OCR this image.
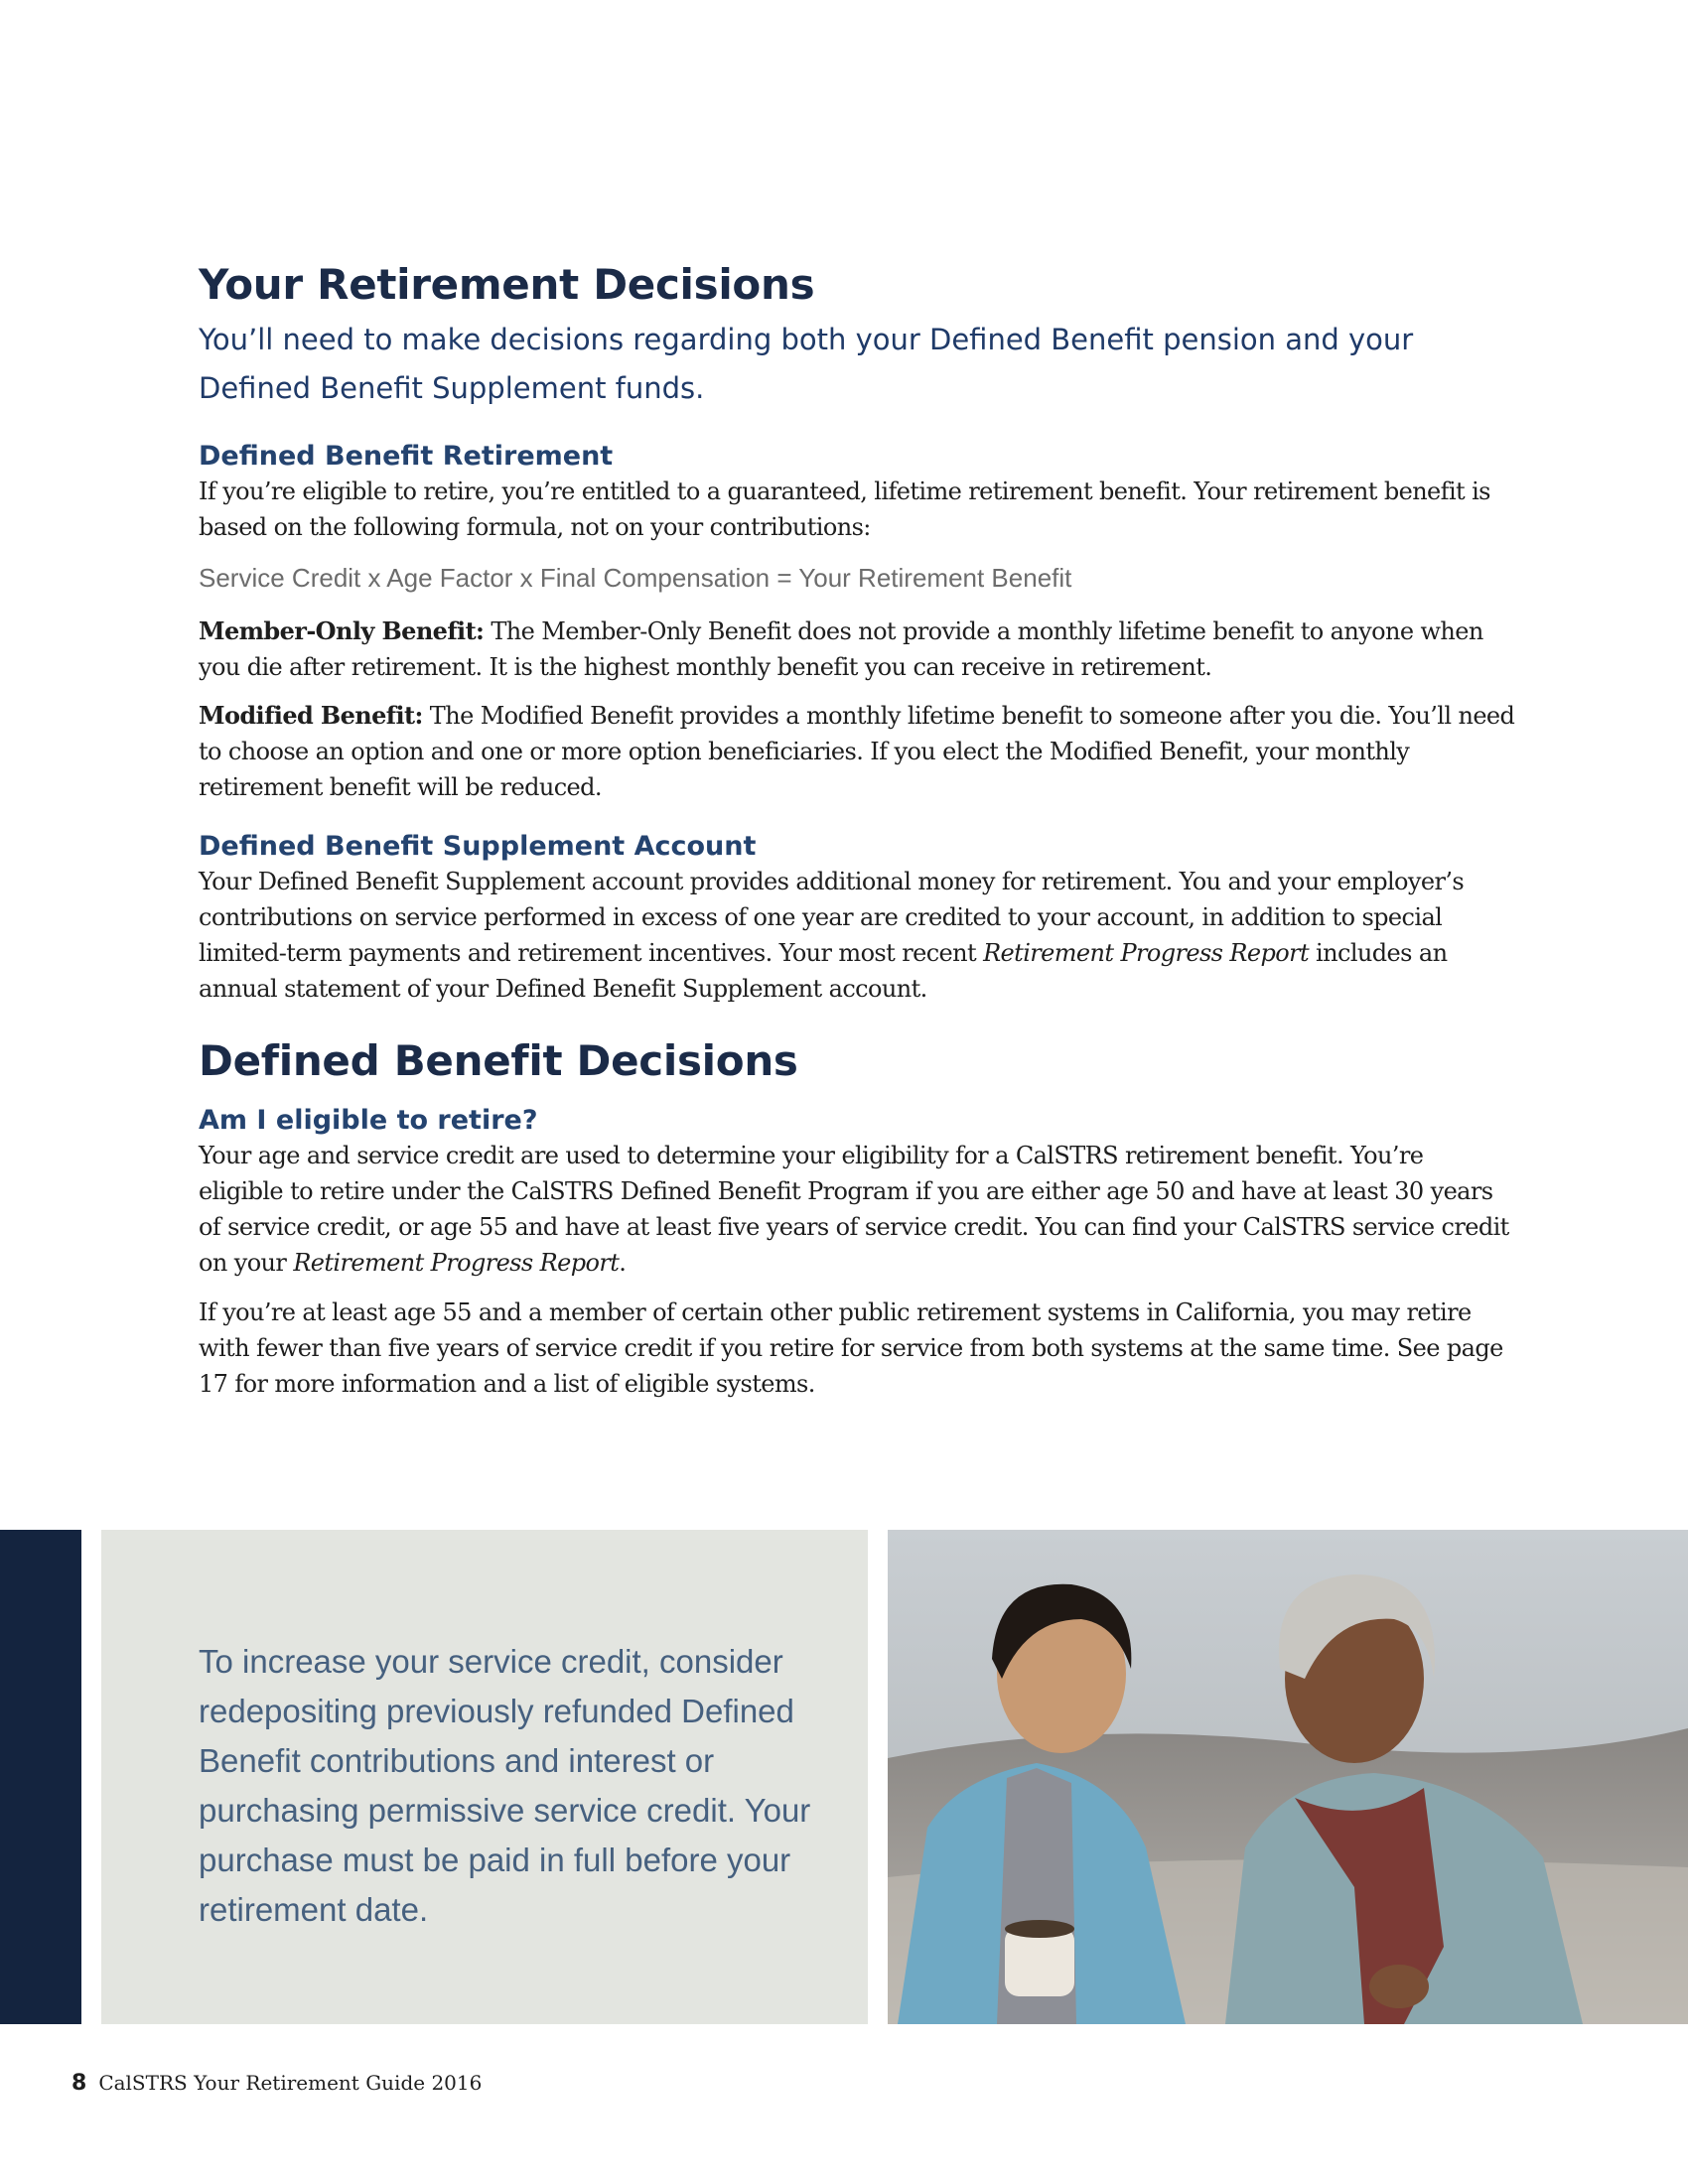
Your Retirement Decisions

You’ll need to make decisions regarding both your Defined Benefit pension and your Defined Benefit Supplement funds.

Defined Benefit Retirement

If you’re eligible to retire, you’re entitled to a guaranteed, lifetime retirement benefit. Your retirement benefit is based on the following formula, not on your contributions:

Service Credit x Age Factor x Final Compensation = Your Retirement Benefit

Member-Only Benefit: The Member-Only Benefit does not provide a monthly lifetime benefit to anyone when you die after retirement. It is the highest monthly benefit you can receive in retirement.

Modified Benefit: The Modified Benefit provides a monthly lifetime benefit to someone after you die. You’ll need to choose an option and one or more option beneficiaries. If you elect the Modified Benefit, your monthly retirement benefit will be reduced.

Defined Benefit Supplement Account

Your Defined Benefit Supplement account provides additional money for retirement. You and your employer’s contributions on service performed in excess of one year are credited to your account, in addition to special limited-term payments and retirement incentives. Your most recent Retirement Progress Report includes an annual statement of your Defined Benefit Supplement account.

Defined Benefit Decisions
Am I eligible to retire?

Your age and service credit are used to determine your eligibility for a CalSTRS retirement benefit. You’re eligible to retire under the CalSTRS Defined Benefit Program if you are either age 50 and have at least 30 years of service credit, or age 55 and have at least five years of service credit. You can find your CalSTRS service credit on your Retirement Progress Report.

If you’re at least age 55 and a member of certain other public retirement systems in California, you may retire with fewer than five years of service credit if you retire for service from both systems at the same time. See page 17 for more information and a list of eligible systems.

To increase your service credit, consider redepositing previously refunded Defined Benefit contributions and interest or purchasing permissive service credit. Your purchase must be paid in full before your retirement date.

8 CalSTRS Your Retirement Guide 2016
